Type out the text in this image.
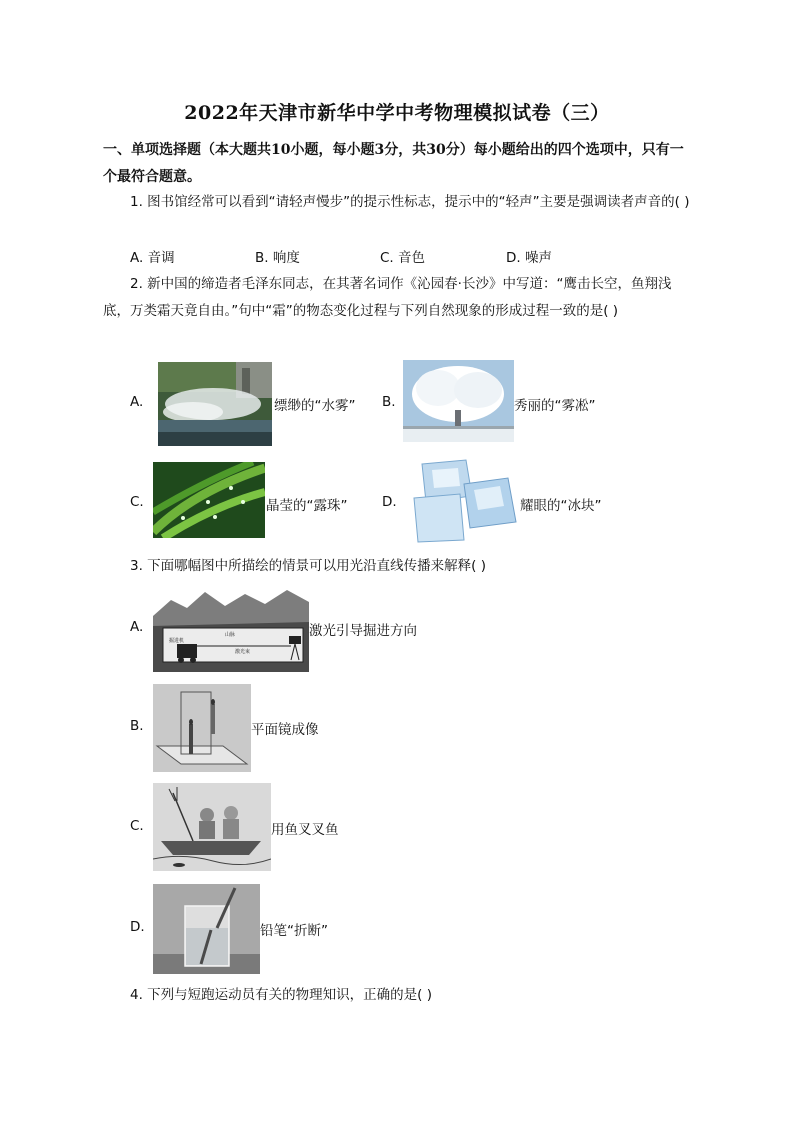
2022年天津市新华中学中考物理模拟试卷（三）
一、单项选择题（本大题共10小题，每小题3分，共30分）每小题给出的四个选项中，只有一个最符合题意。
1. 图书馆经常可以看到“请轻声慢步”的提示性标志，提示中的“轻声”主要是强调读者声音的( )
A. 音调	B. 响度	C. 音色	D. 噪声
2. 新中国的缔造者毛泽东同志，在其著名词作《沁园春·长沙》中写道：“鹰击长空，鱼翔浅底，万类霜天竟自由。”句中“霜”的物态变化过程与下列自然现象的形成过程一致的是( )
A.	缥缈的“水雾” B.	秀丽的“雾凇”
C.	晶莹的“露珠”	D.	耀眼的“冰块”
3. 下面哪幅图中所描绘的情景可以用光沿直线传播来解释( )
A.	山脉
掘进机
激光束
激光引导掘进方向
B.	平面镜成像
C.	用鱼叉叉鱼
D.	铅笔“折断”
4. 下列与短跑运动员有关的物理知识，正确的是( )
